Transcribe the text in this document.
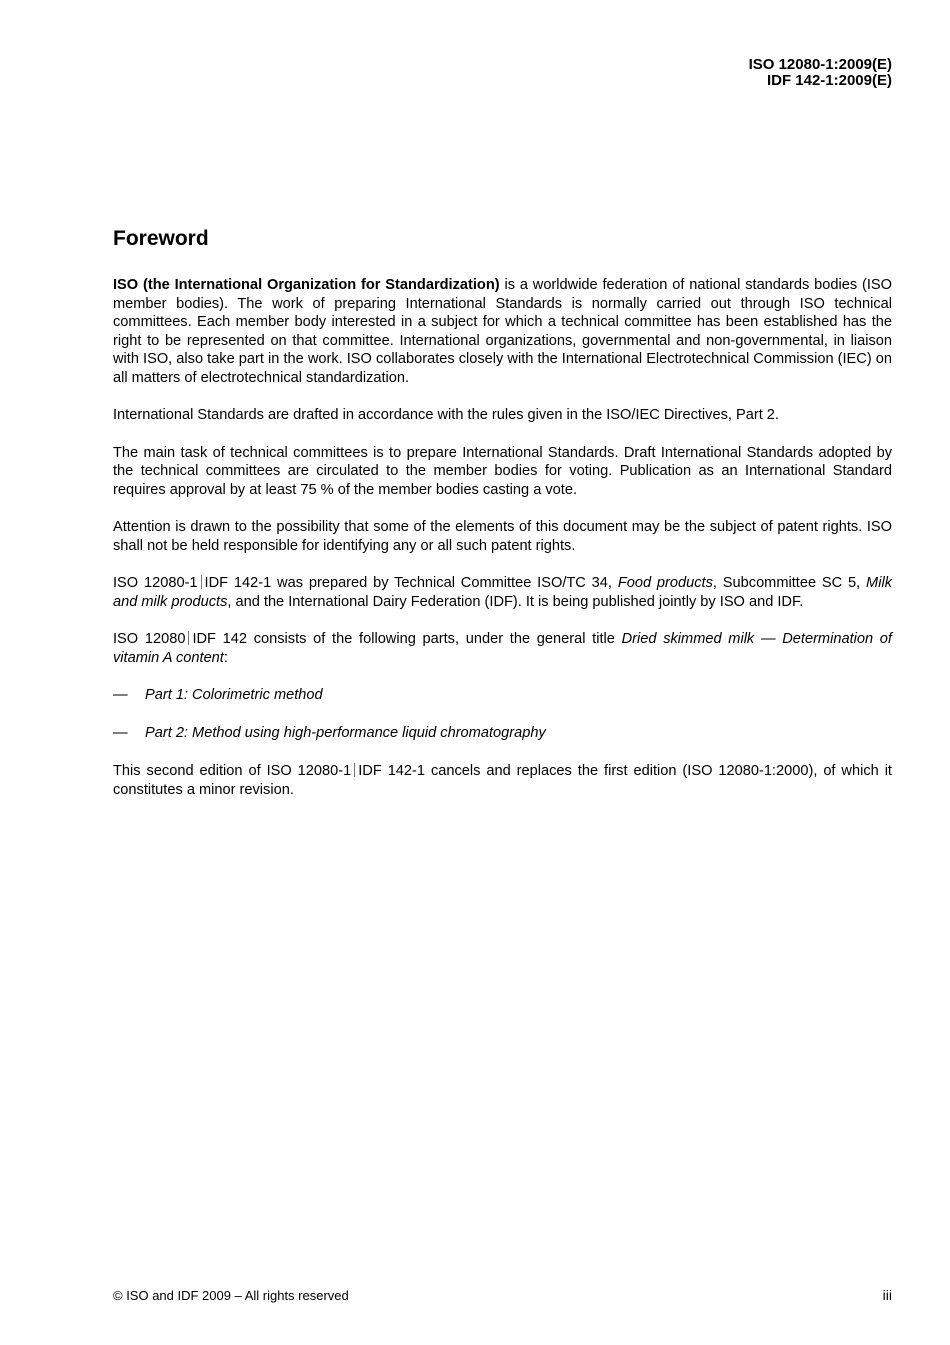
ISO 12080-1:2009(E)
IDF 142-1:2009(E)
Foreword

ISO (the International Organization for Standardization) is a worldwide federation of national standards bodies (ISO member bodies). The work of preparing International Standards is normally carried out through ISO technical committees. Each member body interested in a subject for which a technical committee has been established has the right to be represented on that committee. International organizations, governmental and non-governmental, in liaison with ISO, also take part in the work. ISO collaborates closely with the International Electrotechnical Commission (IEC) on all matters of electrotechnical standardization.

International Standards are drafted in accordance with the rules given in the ISO/IEC Directives, Part 2.

The main task of technical committees is to prepare International Standards. Draft International Standards adopted by the technical committees are circulated to the member bodies for voting. Publication as an International Standard requires approval by at least 75 % of the member bodies casting a vote.

Attention is drawn to the possibility that some of the elements of this document may be the subject of patent rights. ISO shall not be held responsible for identifying any or all such patent rights.

ISO 12080-1 IDF 142-1 was prepared by Technical Committee ISO/TC 34, Food products, Subcommittee SC 5, Milk and milk products, and the International Dairy Federation (IDF). It is being published jointly by ISO and IDF.

ISO 12080 IDF 142 consists of the following parts, under the general title Dried skimmed milk — Determination of vitamin A content:

—	Part 1: Colorimetric method
—	Part 2: Method using high-performance liquid chromatography

This second edition of ISO 12080-1 IDF 142-1 cancels and replaces the first edition (ISO 12080-1:2000), of which it constitutes a minor revision.

© ISO and IDF 2009 – All rights reserved	iii
